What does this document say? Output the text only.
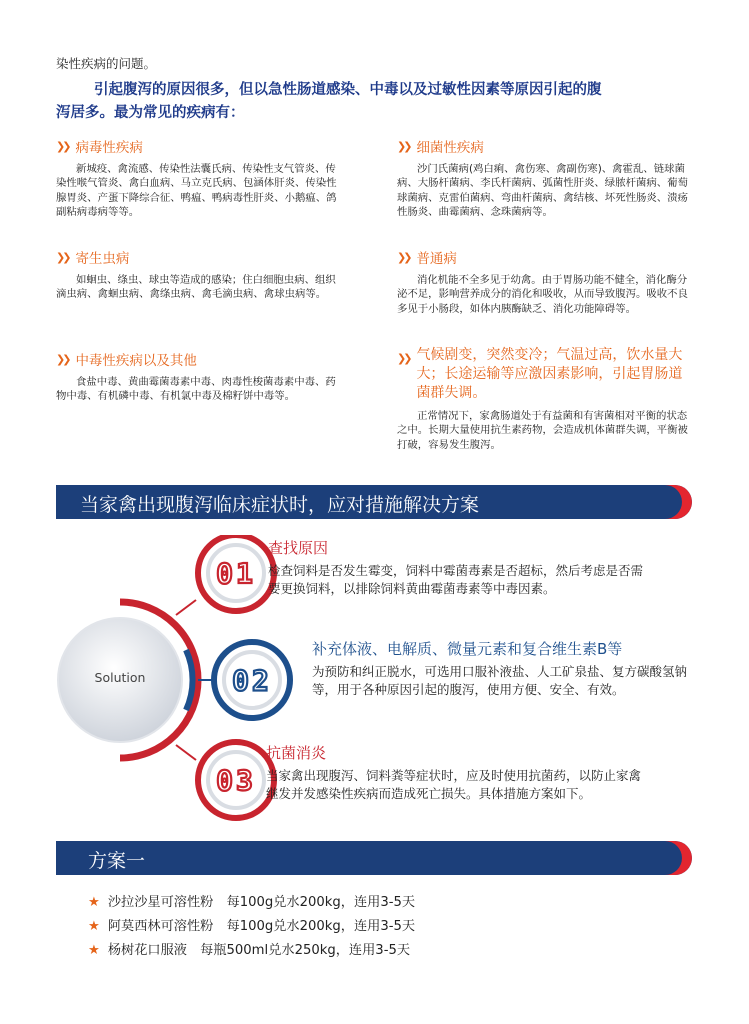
染性疾病的问题。
引起腹泻的原因很多，但以急性肠道感染、中毒以及过敏性因素等原因引起的腹
泻居多。最为常见的疾病有：
❯❯ 病毒性疾病
新城疫、禽流感、传染性法囊氏病、传染性支气管炎、传染性喉气管炎、禽白血病、马立克氏病、包涵体肝炎、传染性腺胃炎、产蛋下降综合征、鸭瘟、鸭病毒性肝炎、小鹅瘟、鸽副粘病毒病等等。
❯❯ 细菌性疾病
沙门氏菌病(鸡白痢、禽伤寒、禽副伤寒)、禽霍乱、链球菌病、大肠杆菌病、李氏杆菌病、弧菌性肝炎、绿脓杆菌病、葡萄球菌病、克雷伯菌病、弯曲杆菌病、禽结核、坏死性肠炎、溃疡性肠炎、曲霉菌病、念珠菌病等。
❯❯ 寄生虫病
如蛔虫、绦虫、球虫等造成的感染；住白细胞虫病、组织滴虫病、禽蛔虫病、禽绦虫病、禽毛滴虫病、禽球虫病等。
❯❯ 普通病
消化机能不全多见于幼禽。由于胃肠功能不健全，消化酶分泌不足，影响营养成分的消化和吸收，从而导致腹泻。吸收不良多见于小肠段，如体内胰酶缺乏、消化功能障碍等。
❯❯ 中毒性疾病以及其他
食盐中毒、黄曲霉菌毒素中毒、肉毒性梭菌毒素中毒、药物中毒、有机磷中毒、有机氯中毒及棉籽饼中毒等。
❯❯ 气候剧变，突然变冷；气温过高，饮水量大大；长途运输等应激因素影响，引起胃肠道菌群失调。
正常情况下，家禽肠道处于有益菌和有害菌相对平衡的状态之中。长期大量使用抗生素药物，会造成机体菌群失调，平衡被打破，容易发生腹泻。
当家禽出现腹泻临床症状时，应对措施解决方案
01
02
03
Solution
查找原因
检查饲料是否发生霉变，饲料中霉菌毒素是否超标，然后考虑是否需要更换饲料，以排除饲料黄曲霉菌毒素等中毒因素。
补充体液、电解质、微量元素和复合维生素B等
为预防和纠正脱水，可选用口服补液盐、人工矿泉盐、复方碳酸氢钠等，用于各种原因引起的腹泻，使用方便、安全、有效。
抗菌消炎
当家禽出现腹泻、饲料粪等症状时，应及时使用抗菌药，以防止家禽继发并发感染性疾病而造成死亡损失。具体措施方案如下。
方案一
★ 沙拉沙星可溶性粉　每100g兑水200kg，连用3-5天
★ 阿莫西林可溶性粉　每100g兑水200kg，连用3-5天
★ 杨树花口服液　每瓶500ml兑水250kg，连用3-5天
